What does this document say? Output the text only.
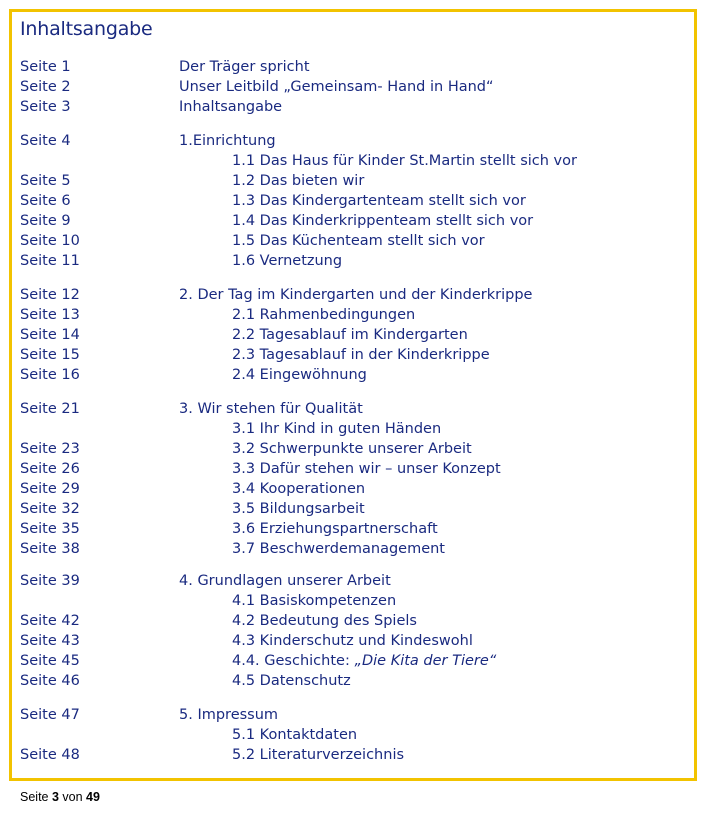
Inhaltsangabe
Seite 1	Der Träger spricht
Seite 2	Unser Leitbild „Gemeinsam- Hand in Hand“
Seite 3	Inhaltsangabe
Seite 4	1.Einrichtung
1.1 Das Haus für Kinder St.Martin stellt sich vor
Seite 5	1.2 Das bieten wir
Seite 6	1.3 Das Kindergartenteam stellt sich vor
Seite 9	1.4 Das Kinderkrippenteam stellt sich vor
Seite 10	1.5 Das Küchenteam stellt sich vor
Seite 11	1.6 Vernetzung
Seite 12	2. Der Tag im Kindergarten und der Kinderkrippe
Seite 13	2.1 Rahmenbedingungen
Seite 14	2.2 Tagesablauf im Kindergarten
Seite 15	2.3 Tagesablauf in der Kinderkrippe
Seite 16	2.4 Eingewöhnung
Seite 21	3. Wir stehen für Qualität
3.1 Ihr Kind in guten Händen
Seite 23	3.2 Schwerpunkte unserer Arbeit
Seite 26	3.3 Dafür stehen wir – unser Konzept
Seite 29	3.4 Kooperationen
Seite 32	3.5 Bildungsarbeit
Seite 35	3.6 Erziehungspartnerschaft
Seite 38	3.7 Beschwerdemanagement
Seite 39	4. Grundlagen unserer Arbeit
4.1 Basiskompetenzen
Seite 42	4.2 Bedeutung des Spiels
Seite 43	4.3 Kinderschutz und Kindeswohl
Seite 45	4.4. Geschichte: „Die Kita der Tiere“
Seite 46	4.5 Datenschutz
Seite 47	5. Impressum
5.1 Kontaktdaten
Seite 48	5.2 Literaturverzeichnis
Seite 3 von 49
